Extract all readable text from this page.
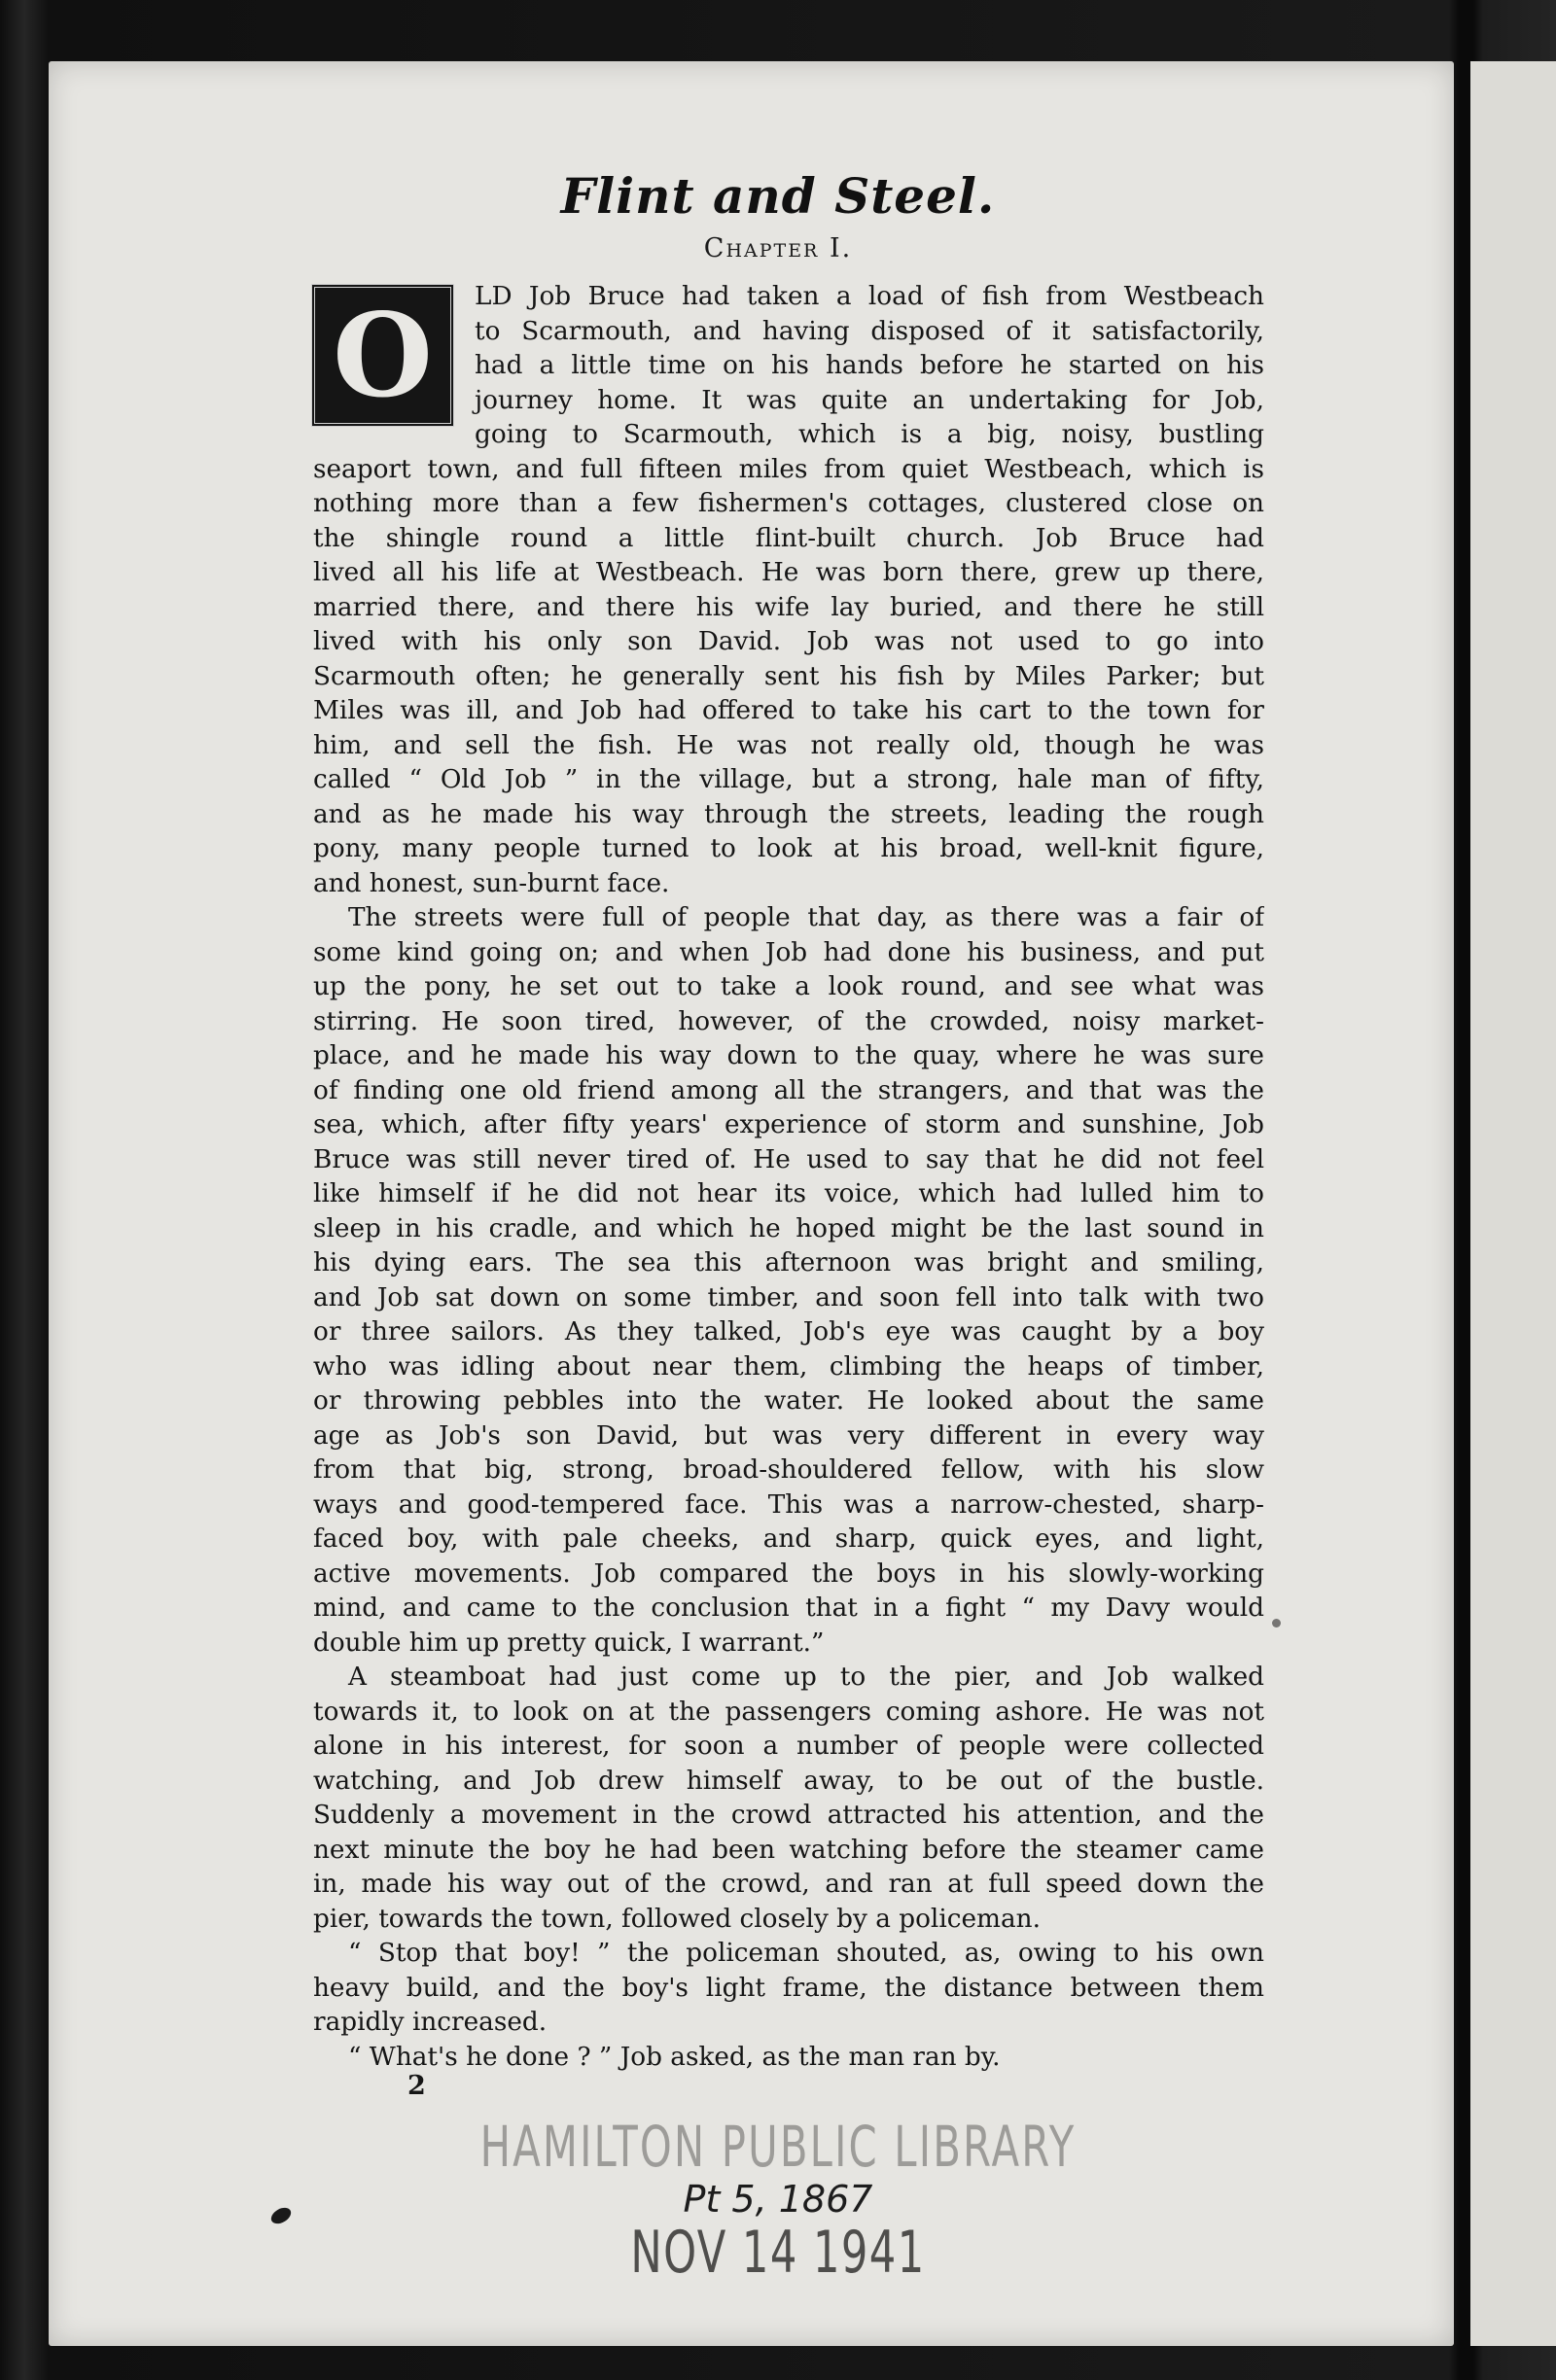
Flint and Steel.
Chapter I.
O	LD Job Bruce had taken a load of fish from Westbeach
to Scarmouth, and having disposed of it satisfactorily,
had a little time on his hands before he started on his
journey home. It was quite an undertaking for Job,
going to Scarmouth, which is a big, noisy, bustling
seaport town, and full fifteen miles from quiet Westbeach, which is
nothing more than a few fishermen's cottages, clustered close on
the shingle round a little flint-built church. Job Bruce had
lived all his life at Westbeach. He was born there, grew up there,
married there, and there his wife lay buried, and there he still
lived with his only son David. Job was not used to go into
Scarmouth often; he generally sent his fish by Miles Parker; but
Miles was ill, and Job had offered to take his cart to the town for
him, and sell the fish. He was not really old, though he was
called “ Old Job ” in the village, but a strong, hale man of fifty,
and as he made his way through the streets, leading the rough
pony, many people turned to look at his broad, well-knit figure,
and honest, sun-burnt face.
The streets were full of people that day, as there was a fair of
some kind going on; and when Job had done his business, and put
up the pony, he set out to take a look round, and see what was
stirring. He soon tired, however, of the crowded, noisy market-
place, and he made his way down to the quay, where he was sure
of finding one old friend among all the strangers, and that was the
sea, which, after fifty years' experience of storm and sunshine, Job
Bruce was still never tired of. He used to say that he did not feel
like himself if he did not hear its voice, which had lulled him to
sleep in his cradle, and which he hoped might be the last sound in
his dying ears. The sea this afternoon was bright and smiling,
and Job sat down on some timber, and soon fell into talk with two
or three sailors. As they talked, Job's eye was caught by a boy
who was idling about near them, climbing the heaps of timber,
or throwing pebbles into the water. He looked about the same
age as Job's son David, but was very different in every way
from that big, strong, broad-shouldered fellow, with his slow
ways and good-tempered face. This was a narrow-chested, sharp-
faced boy, with pale cheeks, and sharp, quick eyes, and light,
active movements. Job compared the boys in his slowly-working
mind, and came to the conclusion that in a fight “ my Davy would
double him up pretty quick, I warrant.”
A steamboat had just come up to the pier, and Job walked
towards it, to look on at the passengers coming ashore. He was not
alone in his interest, for soon a number of people were collected
watching, and Job drew himself away, to be out of the bustle.
Suddenly a movement in the crowd attracted his attention, and the
next minute the boy he had been watching before the steamer came
in, made his way out of the crowd, and ran at full speed down the
pier, towards the town, followed closely by a policeman.
“ Stop that boy! ” the policeman shouted, as, owing to his own
heavy build, and the boy's light frame, the distance between them
rapidly increased.
“ What's he done ? ” Job asked, as the man ran by.
2
HAMILTON PUBLIC LIBRARY
Pt 5, 1867
NOV 14 1941
